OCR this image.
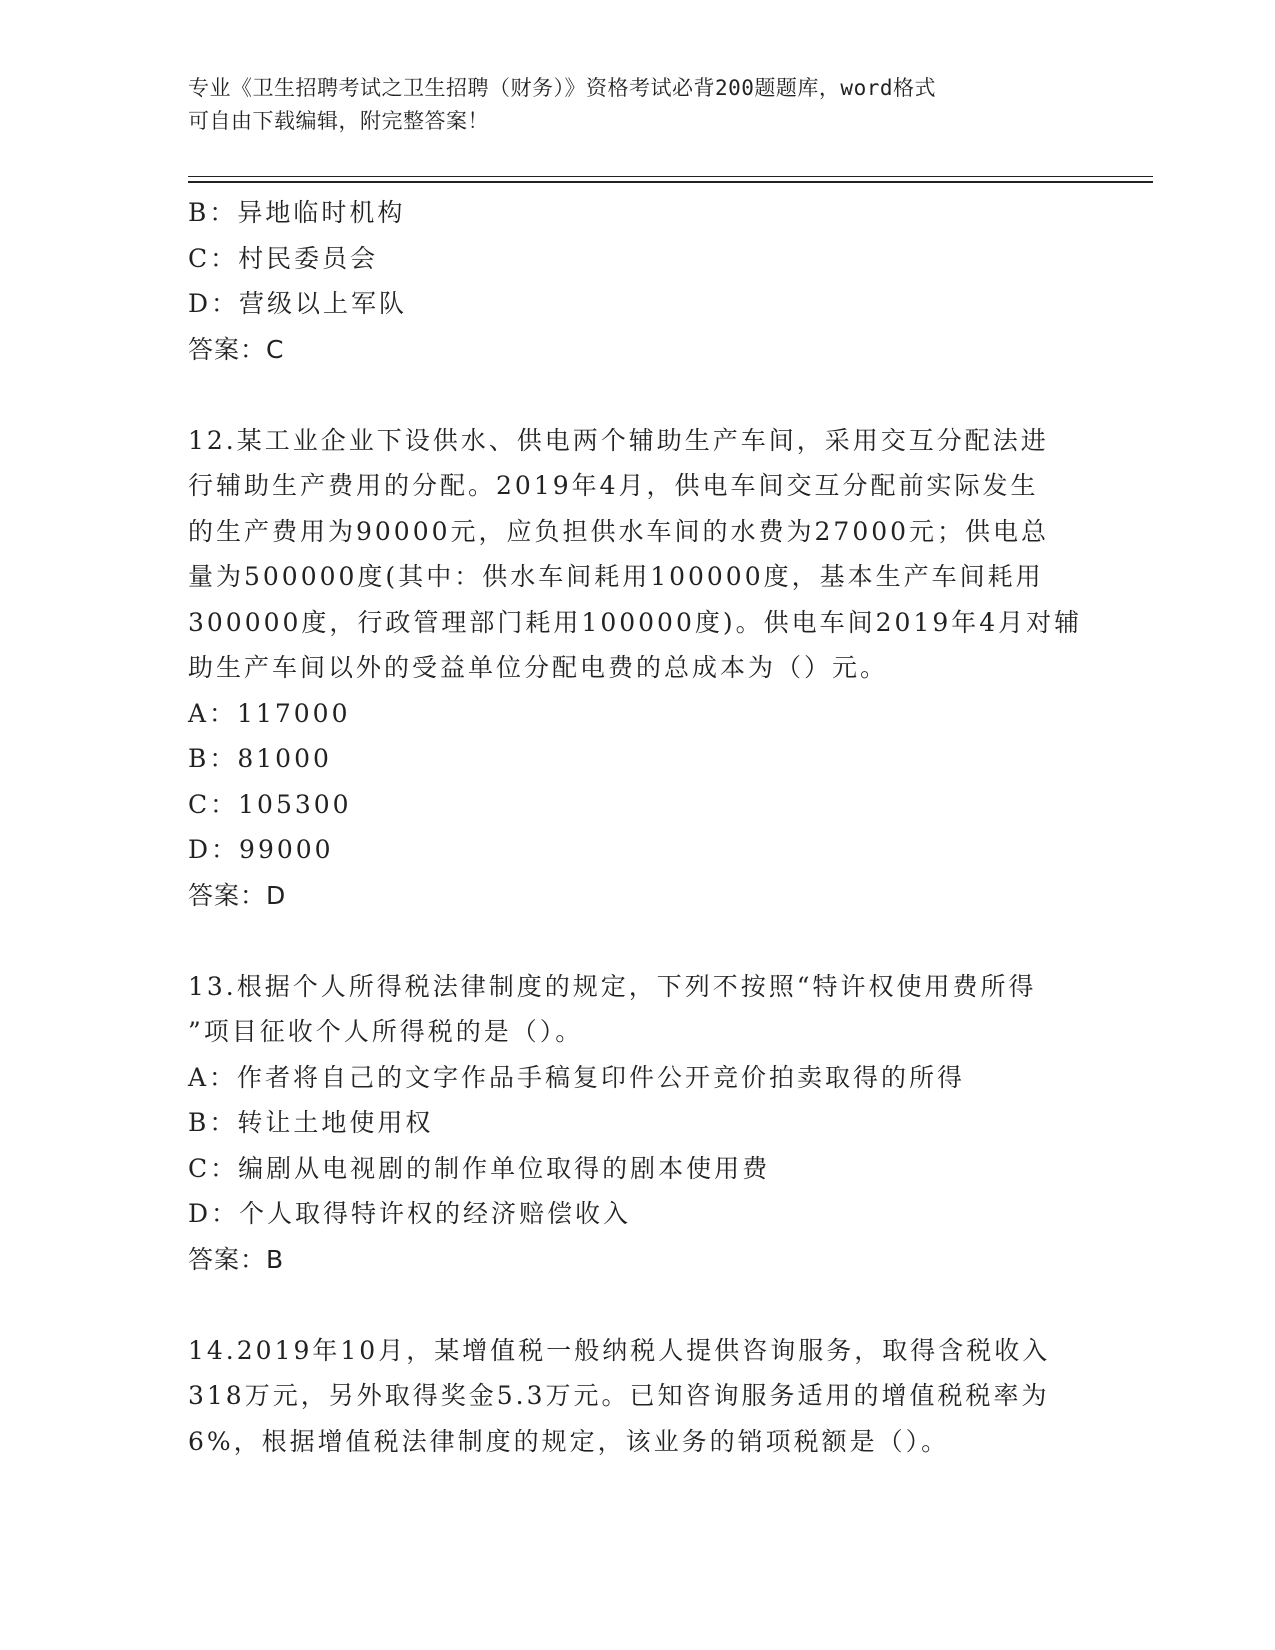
专业《卫生招聘考试之卫生招聘（财务）》资格考试必背200题题库，word格式
可自由下载编辑，附完整答案！
B：异地临时机构
C：村民委员会
D：营级以上军队
答案：C
12.某工业企业下设供水、供电两个辅助生产车间，采用交互分配法进
行辅助生产费用的分配。2019年4月，供电车间交互分配前实际发生
的生产费用为90000元，应负担供水车间的水费为27000元；供电总
量为500000度(其中：供水车间耗用100000度，基本生产车间耗用
300000度，行政管理部门耗用100000度)。供电车间2019年4月对辅
助生产车间以外的受益单位分配电费的总成本为（）元。
A：117000
B：81000
C：105300
D：99000
答案：D
13.根据个人所得税法律制度的规定，下列不按照“特许权使用费所得
”项目征收个人所得税的是（）。
A：作者将自己的文字作品手稿复印件公开竞价拍卖取得的所得
B：转让土地使用权
C：编剧从电视剧的制作单位取得的剧本使用费
D：个人取得特许权的经济赔偿收入
答案：B
14.2019年10月，某增值税一般纳税人提供咨询服务，取得含税收入
318万元，另外取得奖金5.3万元。已知咨询服务适用的增值税税率为
6%，根据增值税法律制度的规定，该业务的销项税额是（）。
